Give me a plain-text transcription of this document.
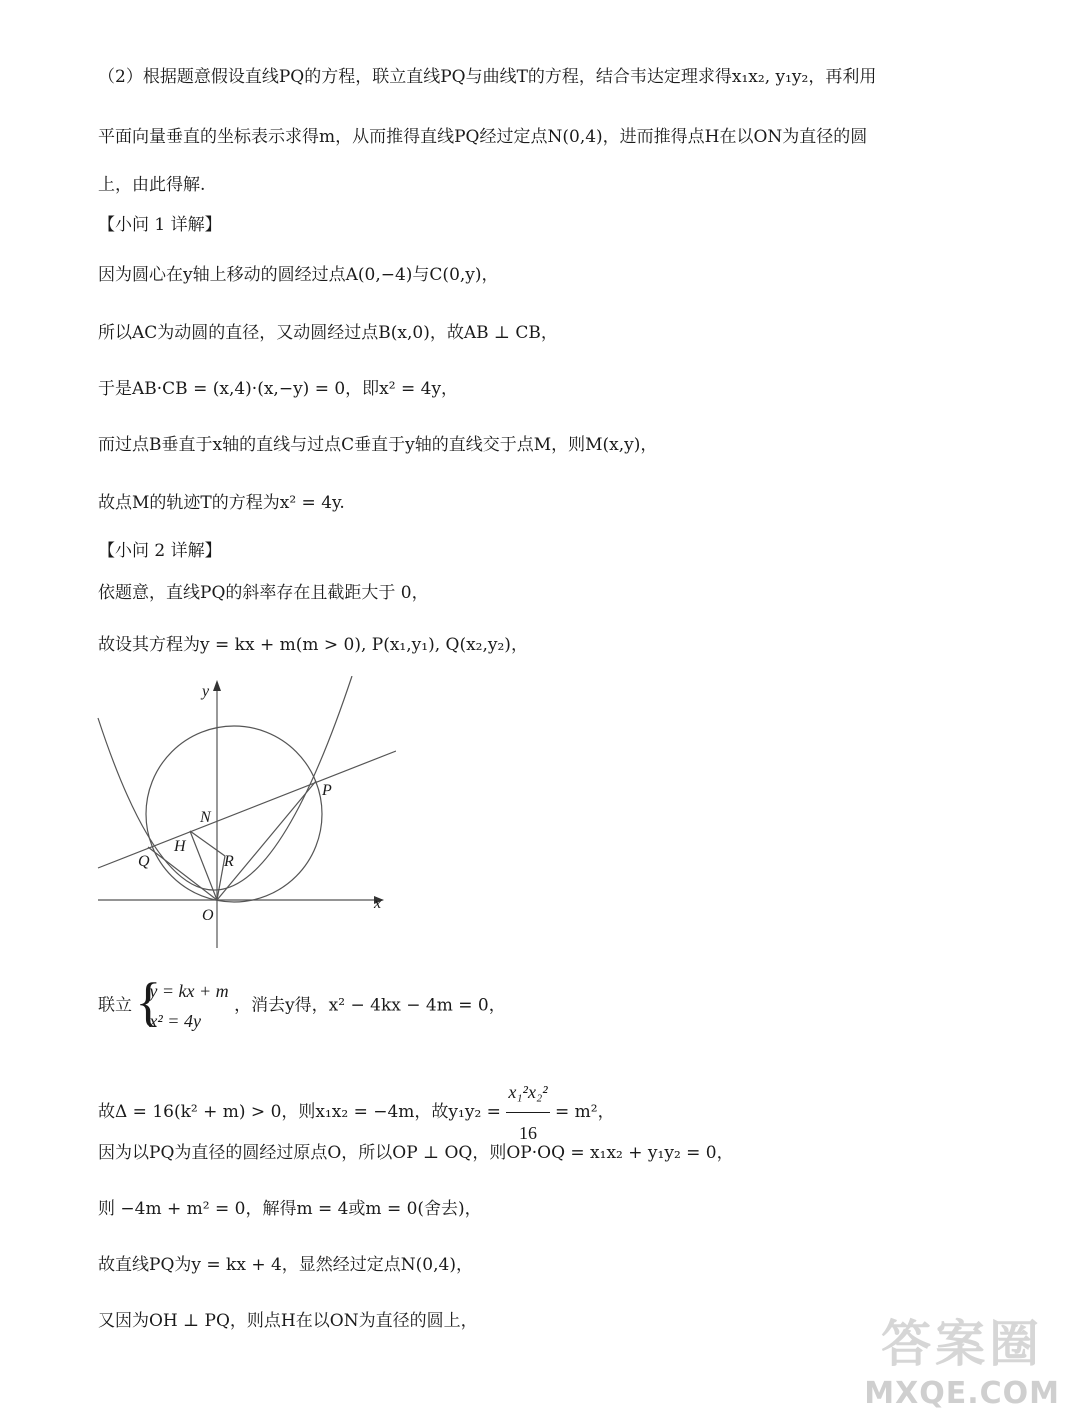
（2）根据题意假设直线PQ的方程，联立直线PQ与曲线T的方程，结合韦达定理求得x₁x₂, y₁y₂，再利用
平面向量垂直的坐标表示求得m，从而推得直线PQ经过定点N(0,4)，进而推得点H在以ON为直径的圆
上，由此得解.
【小问 1 详解】
因为圆心在y轴上移动的圆经过点A(0,−4)与C(0,y)，
所以AC为动圆的直径，又动圆经过点B(x,0)，故AB ⊥ CB，
于是AB·CB = (x,4)·(x,−y) = 0，即x² = 4y，
而过点B垂直于x轴的直线与过点C垂直于y轴的直线交于点M，则M(x,y)，
故点M的轨迹T的方程为x² = 4y.
【小问 2 详解】
依题意，直线PQ的斜率存在且截距大于 0，
故设其方程为y = kx + m(m > 0), P(x₁,y₁), Q(x₂,y₂)，
y
x
O
N
P
Q
H
R
联立
{ y = kx + m
x² = 4y
，消去y得，x² − 4kx − 4m = 0，
故Δ = 16(k² + m) > 0，则x₁x₂ = −4m，故$y_1y_2 = \frac{\text{x₁²x₂²}}{16} = m^2$，
因为以PQ为直径的圆经过原点O，所以OP ⊥ OQ，则OP·OQ = x₁x₂ + y₁y₂ = 0，
则 −4m + m² = 0，解得m = 4或m = 0(舍去)，
故直线PQ为y = kx + 4，显然经过定点N(0,4)，
又因为OH ⊥ PQ，则点H在以ON为直径的圆上，	答案圈
MXQE.COM
